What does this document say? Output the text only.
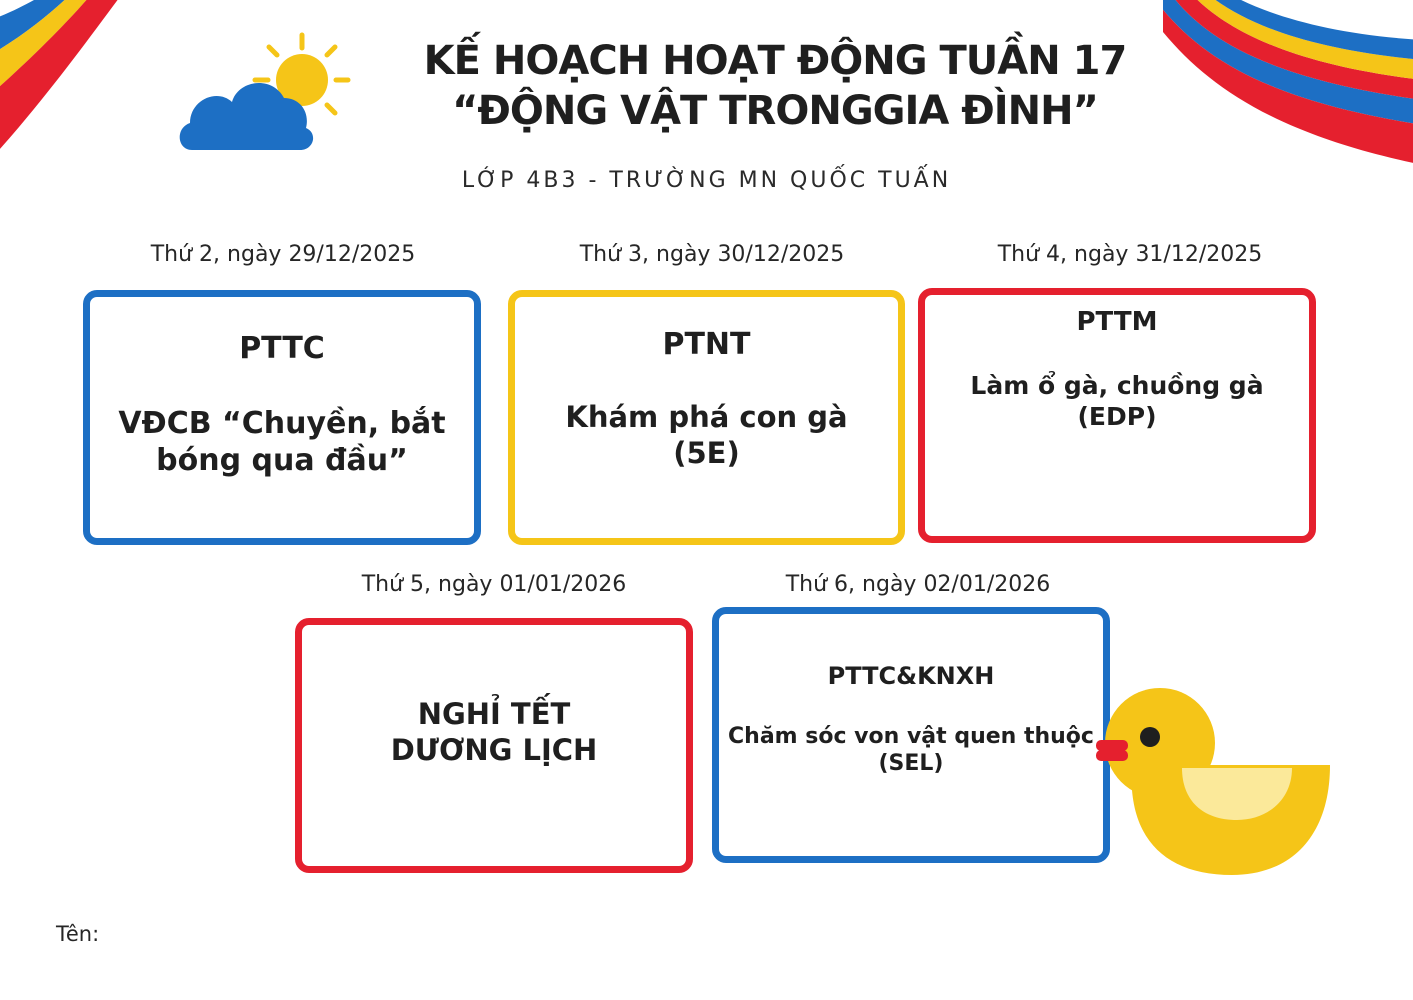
KẾ HOẠCH HOẠT ĐỘNG TUẦN 17
“ĐỘNG VẬT TRONGGIA ĐÌNH”
LỚP 4B3 - TRƯỜNG MN QUỐC TUẤN
Thứ 2, ngày 29/12/2025
PTTC
VĐCB “Chuyền, bắt
bóng qua đầu”
Thứ 3, ngày 30/12/2025
PTNT
Khám phá con gà
(5E)
Thứ 4, ngày 31/12/2025
PTTM
Làm ổ gà, chuồng gà
(EDP)
Thứ 5, ngày 01/01/2026
NGHỈ TẾT
DƯƠNG LỊCH
Thứ 6, ngày 02/01/2026
PTTC&KNXH
Chăm sóc von vật quen thuộc
(SEL)
Tên:
